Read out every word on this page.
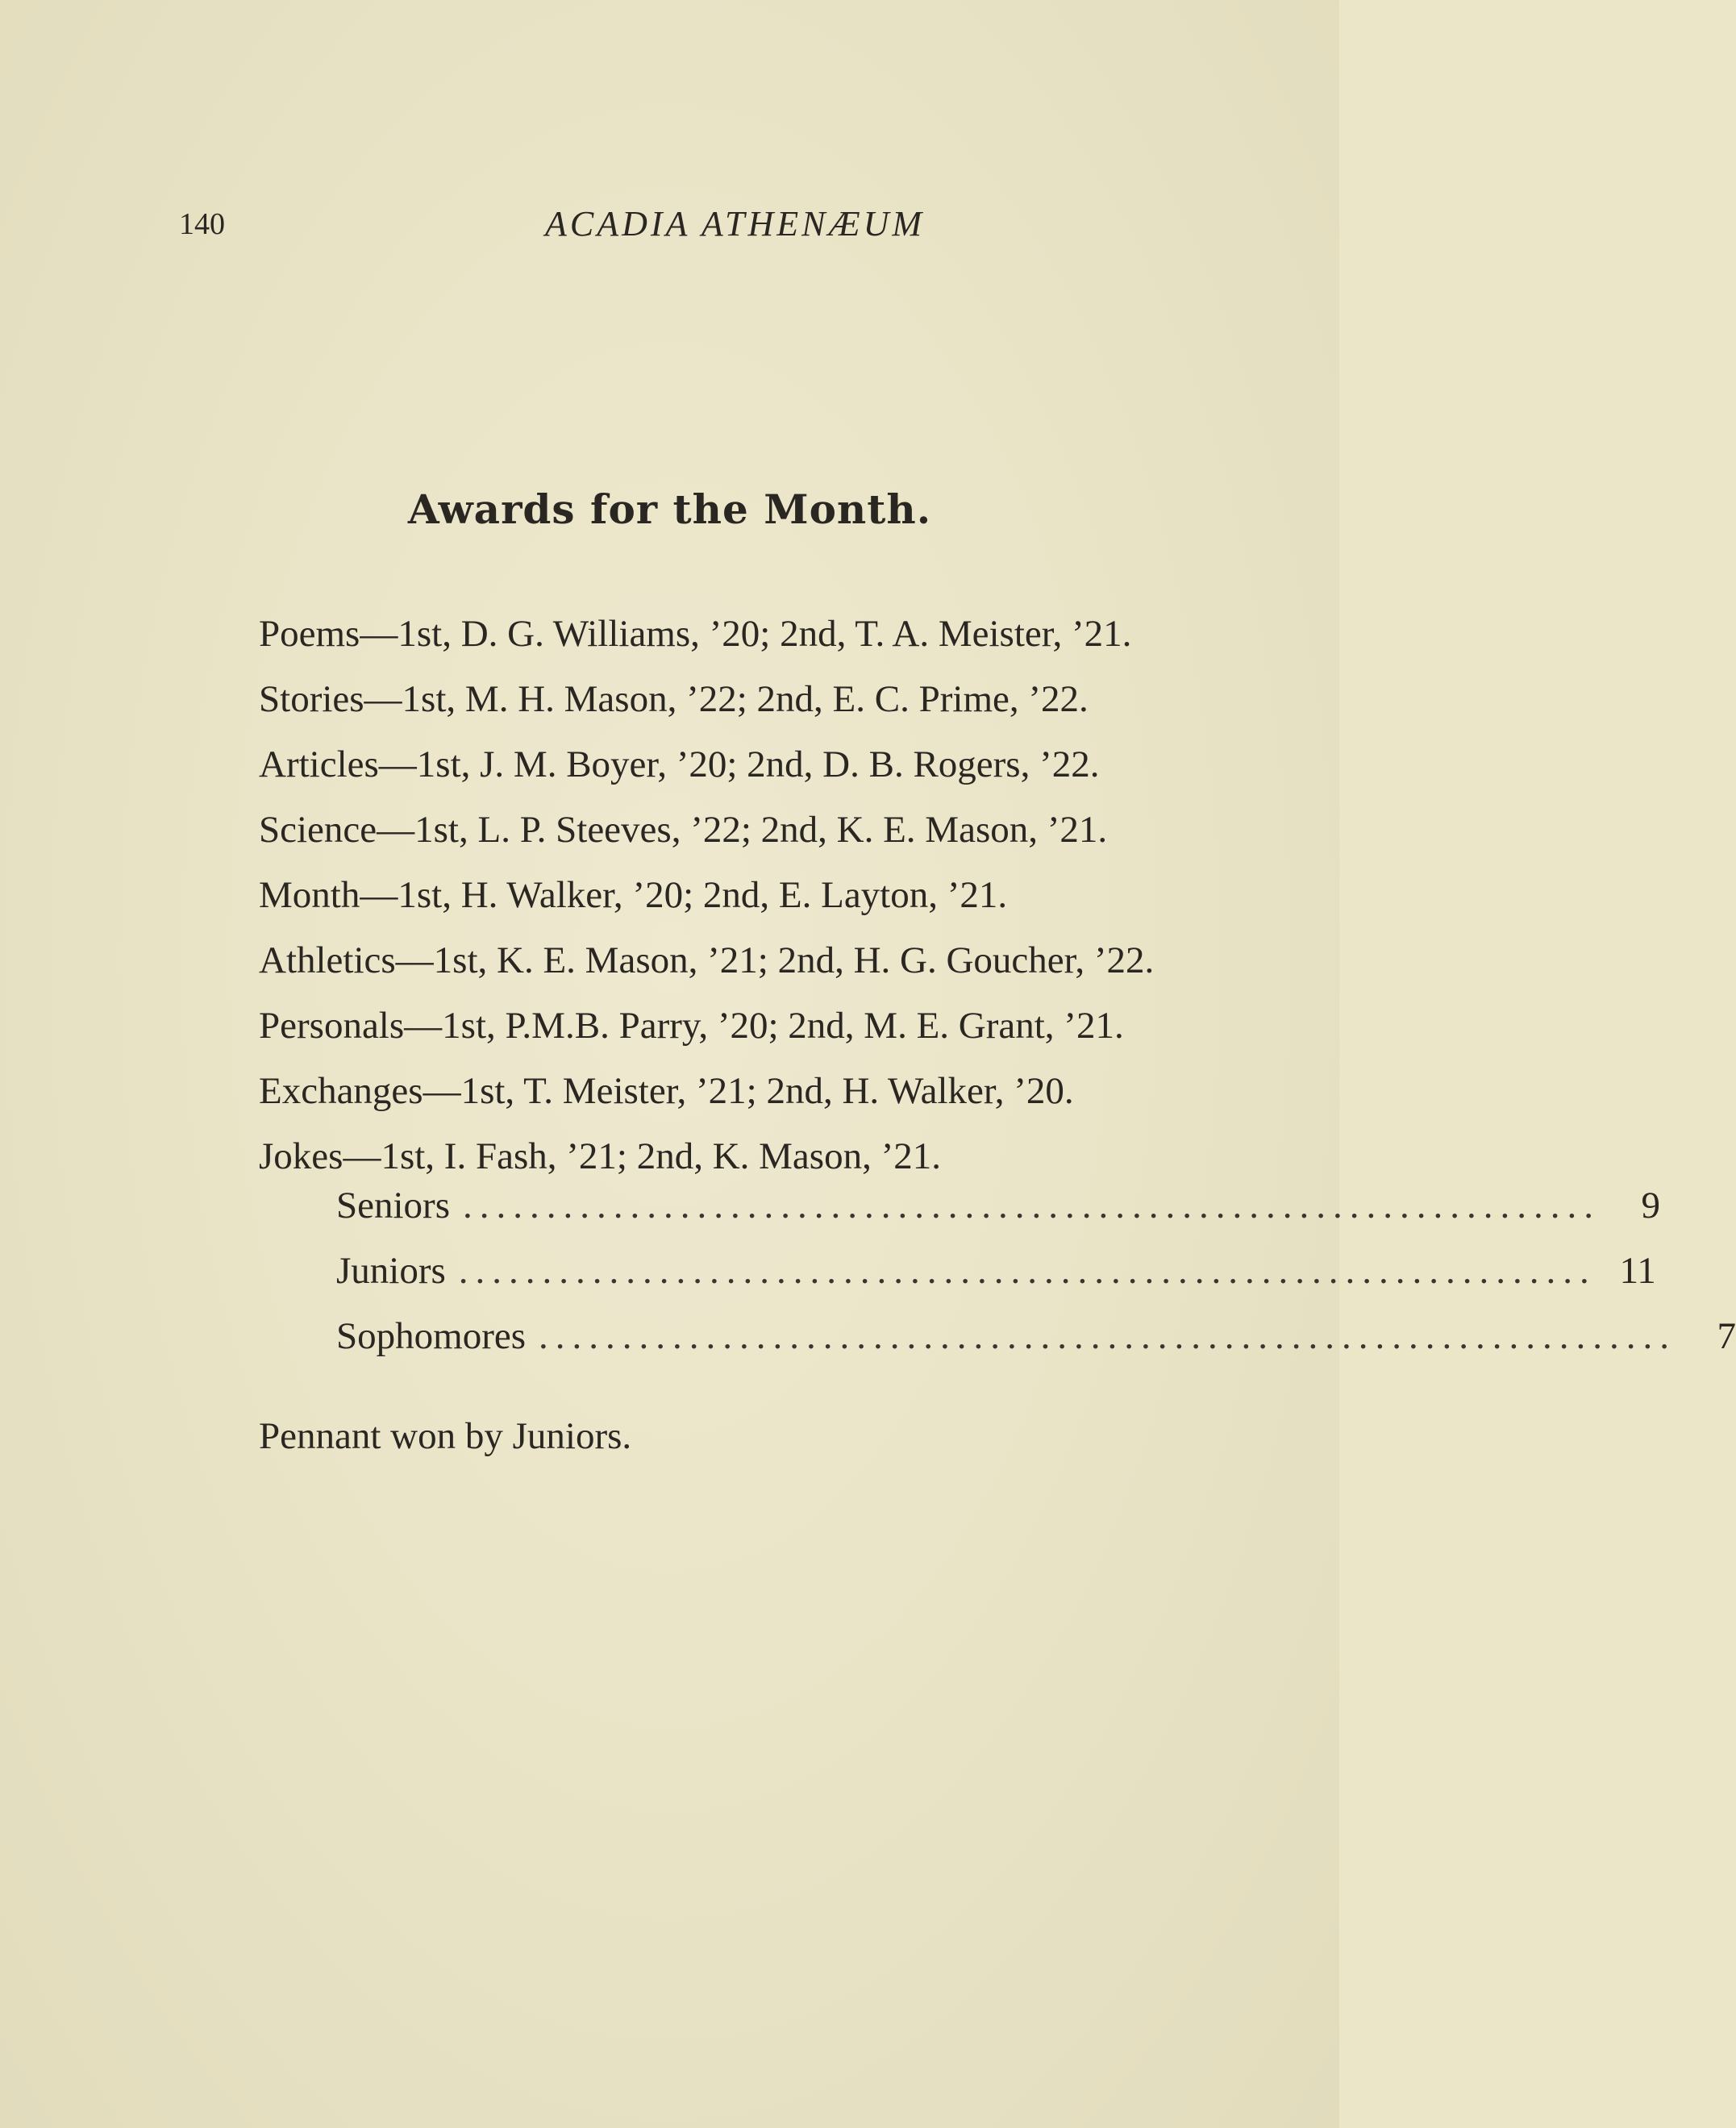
140	ACADIA ATHENÆUM
Awards for the Month.
Poems—1st, D. G. Williams, ’20; 2nd, T. A. Meister, ’21.
Stories—1st, M. H. Mason, ’22; 2nd, E. C. Prime, ’22.
Articles—1st, J. M. Boyer, ’20; 2nd, D. B. Rogers, ’22.
Science—1st, L. P. Steeves, ’22; 2nd, K. E. Mason, ’21.
Month—1st, H. Walker, ’20; 2nd, E. Layton, ’21.
Athletics—1st, K. E. Mason, ’21; 2nd, H. G. Goucher, ’22.
Personals—1st, P.M.B. Parry, ’20; 2nd, M. E. Grant, ’21.
Exchanges—1st, T. Meister, ’21; 2nd, H. Walker, ’20.
Jokes—1st, I. Fash, ’21; 2nd, K. Mason, ’21.
Seniors ....................................................................	9
Juniors .................................................................... 11
Sophomores ....................................................................	7
Pennant won by Juniors.
